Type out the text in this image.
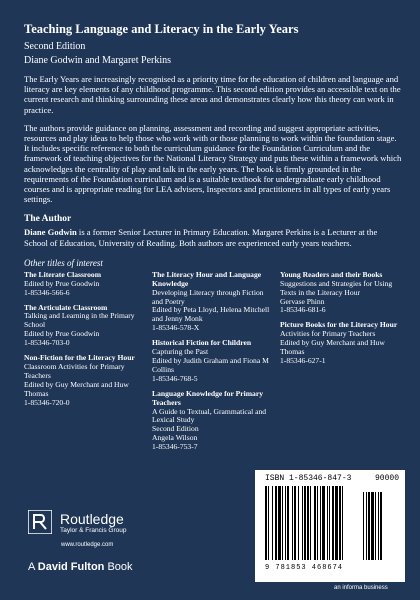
Teaching Language and Literacy in the Early Years
Second Edition
Diane Godwin and Margaret Perkins

The Early Years are increasingly recognised as a priority time for the education of children and language and literacy are key elements of any childhood programme. This second edition provides an accessible text on the current research and thinking surrounding these areas and demonstrates clearly how this theory can work in practice.

The authors provide guidance on planning, assessment and recording and suggest appropriate activities, resources and play ideas to help those who work with or those planning to work within the foundation stage. It includes specific reference to both the curriculum guidance for the Foundation Curriculum and the framework of teaching objectives for the National Literacy Strategy and puts these within a framework which acknowledges the centrality of play and talk in the early years. The book is firmly grounded in the requirements of the Foundation curriculum and is a suitable textbook for undergraduate early childhood courses and is appropriate reading for LEA advisers, Inspectors and practitioners in all types of early years settings.

The Author

Diane Godwin is a former Senior Lecturer in Primary Education. Margaret Perkins is a Lecturer at the School of Education, University of Reading. Both authors are experienced early years teachers.

Other titles of interest
The Literate Classroom
Edited by Prue Goodwin
1-85346-566-6
The Articulate Classroom
Talking and Learning in the Primary School
Edited by Prue Goodwin
1-85346-703-0
Non-Fiction for the Literacy Hour
Classroom Activities for Primary Teachers
Edited by Guy Merchant and Huw Thomas
1-85346-720-0
The Literacy Hour and Language Knowledge
Developing Literacy through Fiction and Poetry
Edited by Peta Lloyd, Helena Mitchell and Jenny Monk
1-85346-578-X
Historical Fiction for Children
Capturing the Past
Edited by Judith Graham and Fiona M Collins
1-85346-768-5
Language Knowledge for Primary Teachers
A Guide to Textual, Grammatical and Lexical Study
Second Edition
Angela Wilson
1-85346-753-7
Young Readers and their Books
Suggestions and Strategies for Using Texts in the Literacy Hour
Gervase Phinn
1-85346-681-6
Picture Books for the Literacy Hour
Activities for Primary Teachers
Edited by Guy Merchant and Huw Thomas
1-85346-627-1
Routledge
Taylor & Francis Group
www.routledge.com
A David Fulton Book
ISBN 1-85346-847-3	90000
9 781853 468674
an informa business
